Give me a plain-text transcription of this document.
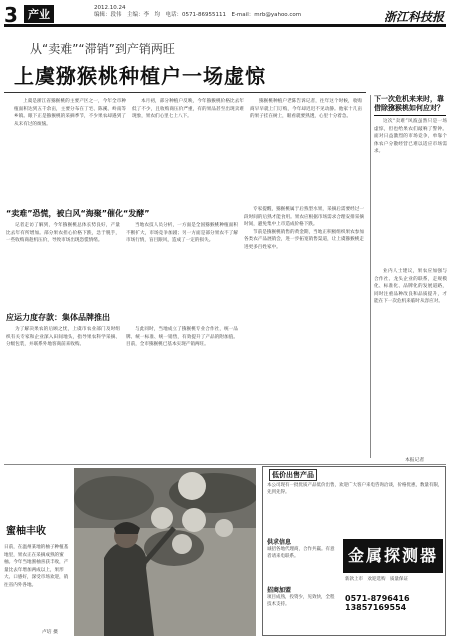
3 产业	2012.10.24
编辑：段伟　主编：李　均　电话：0571-86955111　E-mail：mrb@yahoo.com	浙江科技报
从“卖难”“滞销”到产销两旺
上虞猕猴桃种植户一场虚惊

上虞是浙江省猕猴桃的主要产区之一，今年全市种植面积达到五千余亩，主要分布在丁宅、陈溪、岭南等乡镇。眼下正是猕猴桃的采摘季节，不少果农却遇到了从未有过的烦恼。

本月初，部分种植户反映，今年猕猴桃价格比去年低了不少，且收购商压价严重，有的果品甚至出现卖难现象，果农们心里七上八下。

猕猴桃种植户老陈告诉记者，往年这个时候，收购商早早就上门订购，今年却迟迟不见动静。他家十几亩的果子挂在树上，眼看就要熟透，心里十分着急。

“卖难”恐慌，被白风“海聚”催化“发酵”

记者走访了解到，今年猕猴桃总体长势良好，产量比去年有所增加。部分果农担心价格下跌，急于脱手，一些收购商趁机压价，导致市场出现恐慌情绪。

当地农技人员分析，一方面是全国猕猴桃种植面积不断扩大，市场竞争加剧；另一方面是部分果农不了解市场行情，盲目跟风，造成了一定的损失。

应运力度存款：集体品牌推出

为了解决果农的后顾之忧，上虞市农业部门及时组织有关专家和企业深入田间地头，指导果农科学采摘、分级包装，并联系外地客商前来收购。

与此同时，当地成立了猕猴桃专业合作社，统一品牌、统一标准、统一销售，有效提升了产品的附加值。目前，全市猕猴桃已基本实现产销两旺。

专家提醒，猕猴桃属于后熟型水果，采摘后需要经过一段时间的后熟才能食用。果农应根据市场需求合理安排采摘时间，避免集中上市造成价格下跌。

节前是猕猴桃销售的黄金期，当地正积极组织果农参加各类农产品展销会，进一步拓宽销售渠道，让上虞猕猴桃走进更多百姓家中。

下一次危机来来时，靠借除猕猴桃如何应对？

这次“卖难”风波虽然只是一场虚惊，但也给果农们敲响了警钟。面对日益激烈的市场竞争，单靠个体农户分散经营已难以适应市场需求。

业内人士建议，果农应加强与合作社、龙头企业的联系，走规模化、标准化、品牌化的发展道路，同时注重品种改良和品质提升，才能在下一次危机来临时从容应对。

本报记者
蜜柚丰收
日前，在温州某地的柚子种植基地里，果农正在采摘成熟的蜜柚。今年当地蜜柚喜获丰收，产量比去年增加两成以上，果形大、口感好，深受市场欢迎，销往省内外各地。
卢培 摄
低价出售产品
本公司现有一批优质产品低价出售，欢迎广大客户来电咨询洽谈，价格优惠，数量有限，先到先得。
供求信息
诚招各地代理商，合作共赢。有意者请来电联系。
招商加盟
项目成熟，投资少，见效快，全程技术支持。
金属探测器
新款上市　欢迎选购　质量保证
0571-8796416 13857169554
